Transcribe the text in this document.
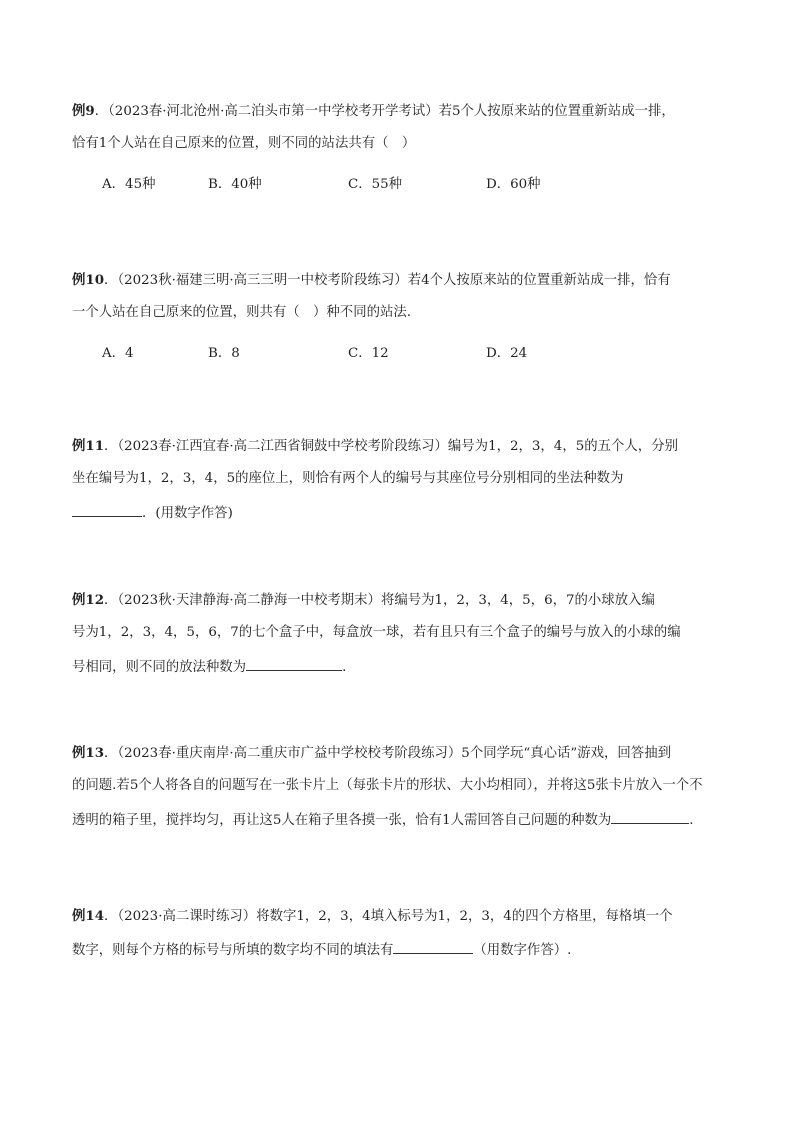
例9．（2023春·河北沧州·高二泊头市第一中学校考开学考试）若5个人按原来站的位置重新站成一排，
恰有1个人站在自己原来的位置，则不同的站法共有（　）
A．45种	B．40种	C．55种	D．60种
例10．（2023秋·福建三明·高三三明一中校考阶段练习）若4个人按原来站的位置重新站成一排，恰有
一个人站在自己原来的位置，则共有（　）种不同的站法.
A．4	B．8	C．12	D．24
例11．（2023春·江西宜春·高二江西省铜鼓中学校考阶段练习）编号为1，2，3，4，5的五个人，分别
坐在编号为1，2，3，4，5的座位上，则恰有两个人的编号与其座位号分别相同的坐法种数为
．(用数字作答)
例12．（2023秋·天津静海·高二静海一中校考期末）将编号为1，2，3，4，5，6，7的小球放入编
号为1，2，3，4，5，6，7的七个盒子中，每盒放一球，若有且只有三个盒子的编号与放入的小球的编
号相同，则不同的放法种数为	.
例13．（2023春·重庆南岸·高二重庆市广益中学校校考阶段练习）5个同学玩“真心话”游戏，回答抽到
的问题.若5个人将各自的问题写在一张卡片上（每张卡片的形状、大小均相同），并将这5张卡片放入一个不
透明的箱子里，搅拌均匀，再让这5人在箱子里各摸一张，恰有1人需回答自己问题的种数为	.
例14．（2023·高二课时练习）将数字1，2，3，4填入标号为1，2，3，4的四个方格里，每格填一个
数字，则每个方格的标号与所填的数字均不同的填法有	（用数字作答）.
